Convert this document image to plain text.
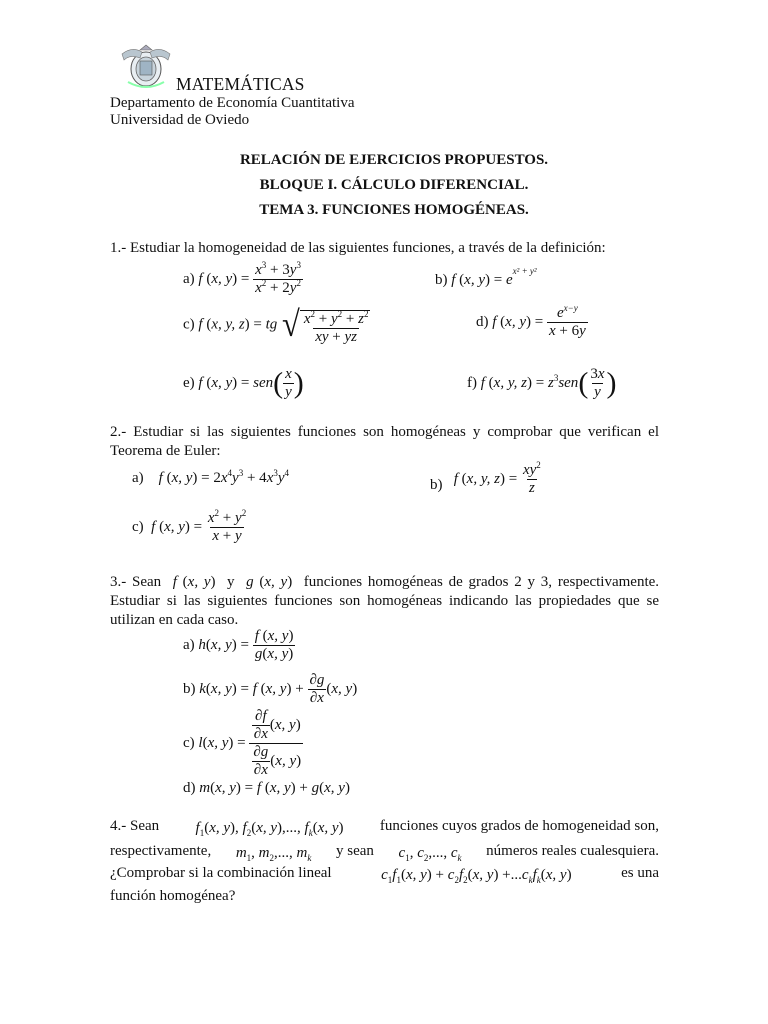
MATEMÁTICAS
Departamento de Economía Cuantitativa
Universidad de Oviedo
RELACIÓN DE EJERCICIOS PROPUESTOS.
BLOQUE I. CÁLCULO DIFERENCIAL.
TEMA 3. FUNCIONES HOMOGÉNEAS.
1.- Estudiar la homogeneidad de las siguientes funciones, a través de la definición:
a) f (x, $y) = \frac{x^3 + 3y^3}{x^2 + 2y^2}$	b) f (x, $y) = e^{x^2 + y^2}$
c) f (x, y, z) = tg √ $\frac{x^2 + y^2 + z^2}{xy + yz}$	d) f (x, $y) = \frac{e^{x-y}}{x + 6y}$
e) f (x, $y) = sen( \frac{x}{y}$ )	f) f (x, y, $z) = z^3sen( \frac{3x}{y}$ )
2.- Estudiar si las siguientes funciones son homogéneas y comprobar que verifican el Teorema de Euler:
a) f (x, $y) = 2x^4y^3 + 4x^3y^4$
b) f (x, y, $z) = \frac{xy^2}{z}$
c) f (x, $y) = \frac{x^2 + y^2}{x + y}$
3.- Sean f (x, y)  y g (x, y)  funciones homogéneas de grados 2 y 3, respectivamente. Estudiar si las siguientes funciones son homogéneas indicando las propiedades que se utilizan en cada caso.
a) h(x, $y) = \frac{f (x, y)}{g(x, y)}$
b) k(x, y) = f (x, $y) + \frac{\partial g}{\partial x} (x$, y)
c) l(x, $y) = \frac{\frac{\partial f}{\partial x} (x, y)}{\frac{\partial g}{\partial x} (x, y)}$
d) m(x, y) = f (x, y) + g(x, y)
4.- Sean $f_1(x$, y), $f_2(x$, y),..., $f_k(x$, y) funciones cuyos grados de homogeneidad son,
respectivamente, $m_1$, $m_2$,..., $m_k$ y sean $c_1$, $c_2$,..., $c_k$ números reales cualesquiera.
¿Comprobar si la combinación lineal	$c_1f_1(x$, $y) + c_2f_2(x$, $y) +...c_kf_k(x$, y)	es una
función homogénea?
